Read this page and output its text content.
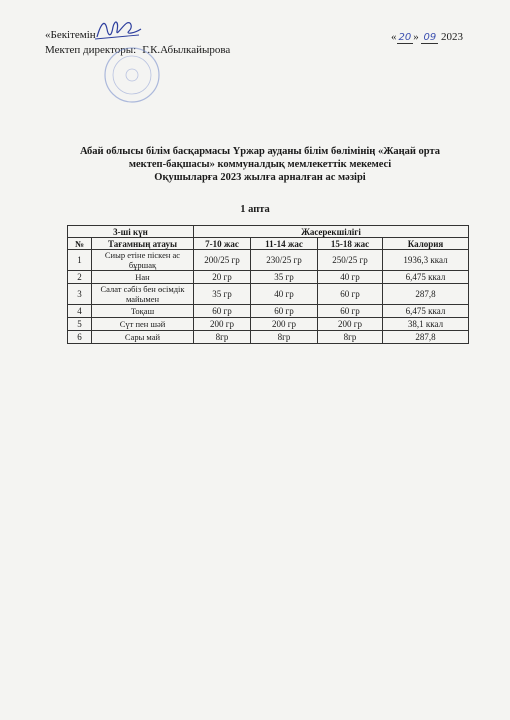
«Бекітемін
Мектеп директоры: Г.К.Абылкайырова
« 20 » 09 2023
Абай облысы білім басқармасы Үржар ауданы білім бөлімінің «Жаңай орта
мектеп-бақшасы» коммуналдық мемлекеттік мекемесі
Оқушыларға 2023 жылға арналған ас мәзірі
1 апта
3-ші күн		Жасерекшілігі			
№	Тағамның атауы	7-10 жас	11-14 жас	15-18 жас	Калория
1	Сиыр етіне піскен ас бұршақ	200/25 гр	230/25 гр	250/25 гр	1936,3 ккал
2	Нан	20 гр	35 гр	40 гр	6,475 ккал
3	Салат сәбіз бен өсімдік майымен	35 гр	40 гр	60 гр	287,8
4	Тоқаш	60 гр	60 гр	60 гр	6,475 ккал
5	Сүт пен шәй	200 гр	200 гр	200 гр	38,1 ккал
6	Сары май	8гр	8гр	8гр	287,8
